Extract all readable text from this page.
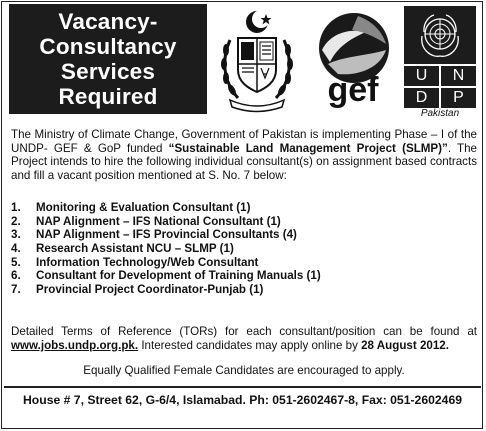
Vacancy-
Consultancy
Services
Required	gef	U	N
D	P
Pakistan
The Ministry of Climate Change, Government of Pakistan is implementing Phase – I of the UNDP- GEF & GoP funded “Sustainable Land Management Project (SLMP)”. The Project intends to hire the following individual consultant(s) on assignment based contracts and fill a vacant position mentioned at S. No. 7 below:
1. Monitoring & Evaluation Consultant (1)
2. NAP Alignment – IFS National Consultant (1)
3. NAP Alignment – IFS Provincial Consultants (4)
4. Research Assistant NCU – SLMP (1)
5. Information Technology/Web Consultant
6. Consultant for Development of Training Manuals (1)
7. Provincial Project Coordinator-Punjab (1)
Detailed Terms of Reference (TORs) for each consultant/position can be found at www.jobs.undp.org.pk. Interested candidates may apply online by 28 August 2012.
Equally Qualified Female Candidates are encouraged to apply.
House # 7, Street 62, G-6/4, Islamabad. Ph: 051-2602467-8, Fax: 051-2602469
